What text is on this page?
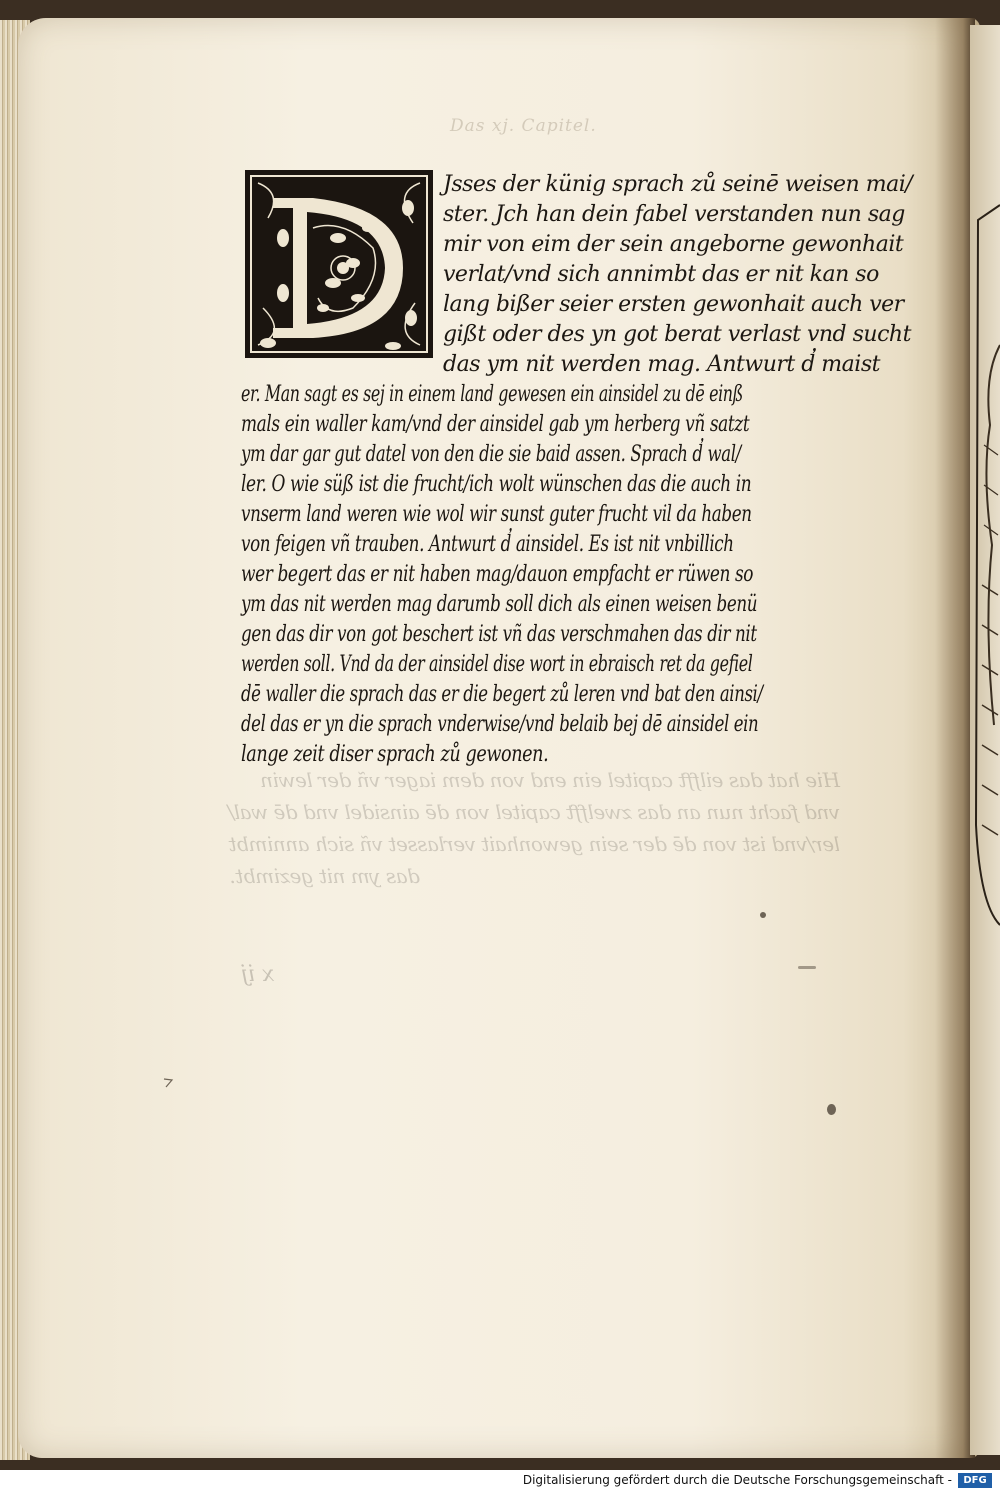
Das xj. Capitel.
Jsses der künig sprach zů seinē weisen mai/
ster. Jch han dein fabel verstanden nun sag
mir von eim der sein angeborne gewonhait
verlat/vnd sich annimbt das er nit kan so
lang bißer seier ersten gewonhait auch ver
gißt oder des yn got berat verlast vnd sucht
das ym nit werden mag. Antwurt d̓ maist
er. Man sagt es sej in einem land gewesen ein ainsidel zu dē einß
mals ein waller kam/vnd der ainsidel gab ym herberg vñ satzt
ym dar gar gut datel von den die sie baid assen. Sprach d̓ wal/
ler. O wie süß ist die frucht/ich wolt wünschen das die auch in
vnserm land weren wie wol wir sunst guter frucht vil da haben
von feigen vñ trauben. Antwurt d̓ ainsidel. Es ist nit vnbillich
wer begert das er nit haben mag/dauon empfacht er rüwen so
ym das nit werden mag darumb soll dich als einen weisen benü
gen das dir von got beschert ist vñ das verschmahen das dir nit
werden soll. Vnd da der ainsidel dise wort in ebraisch ret da gefiel
dē waller die sprach das er die begert zů leren vnd bat den ainsi/
del das er yn die sprach vnderwise/vnd belaib bej dē ainsidel ein
lange zeit diser sprach zů gewonen.
Hie hat das eilfft capitel ein end von dem iager vñ der lewin
vnd facht nun an das zwelfft capitel von dē ainsidel vnd dē wal/
ler/vnd ist von dē der sein gewonhait verlasset vñ sich annimbt
das ym nit gezimbt.
x ij
Digitalisierung gefördert durch die Deutsche Forschungsgemeinschaft -	DFG
